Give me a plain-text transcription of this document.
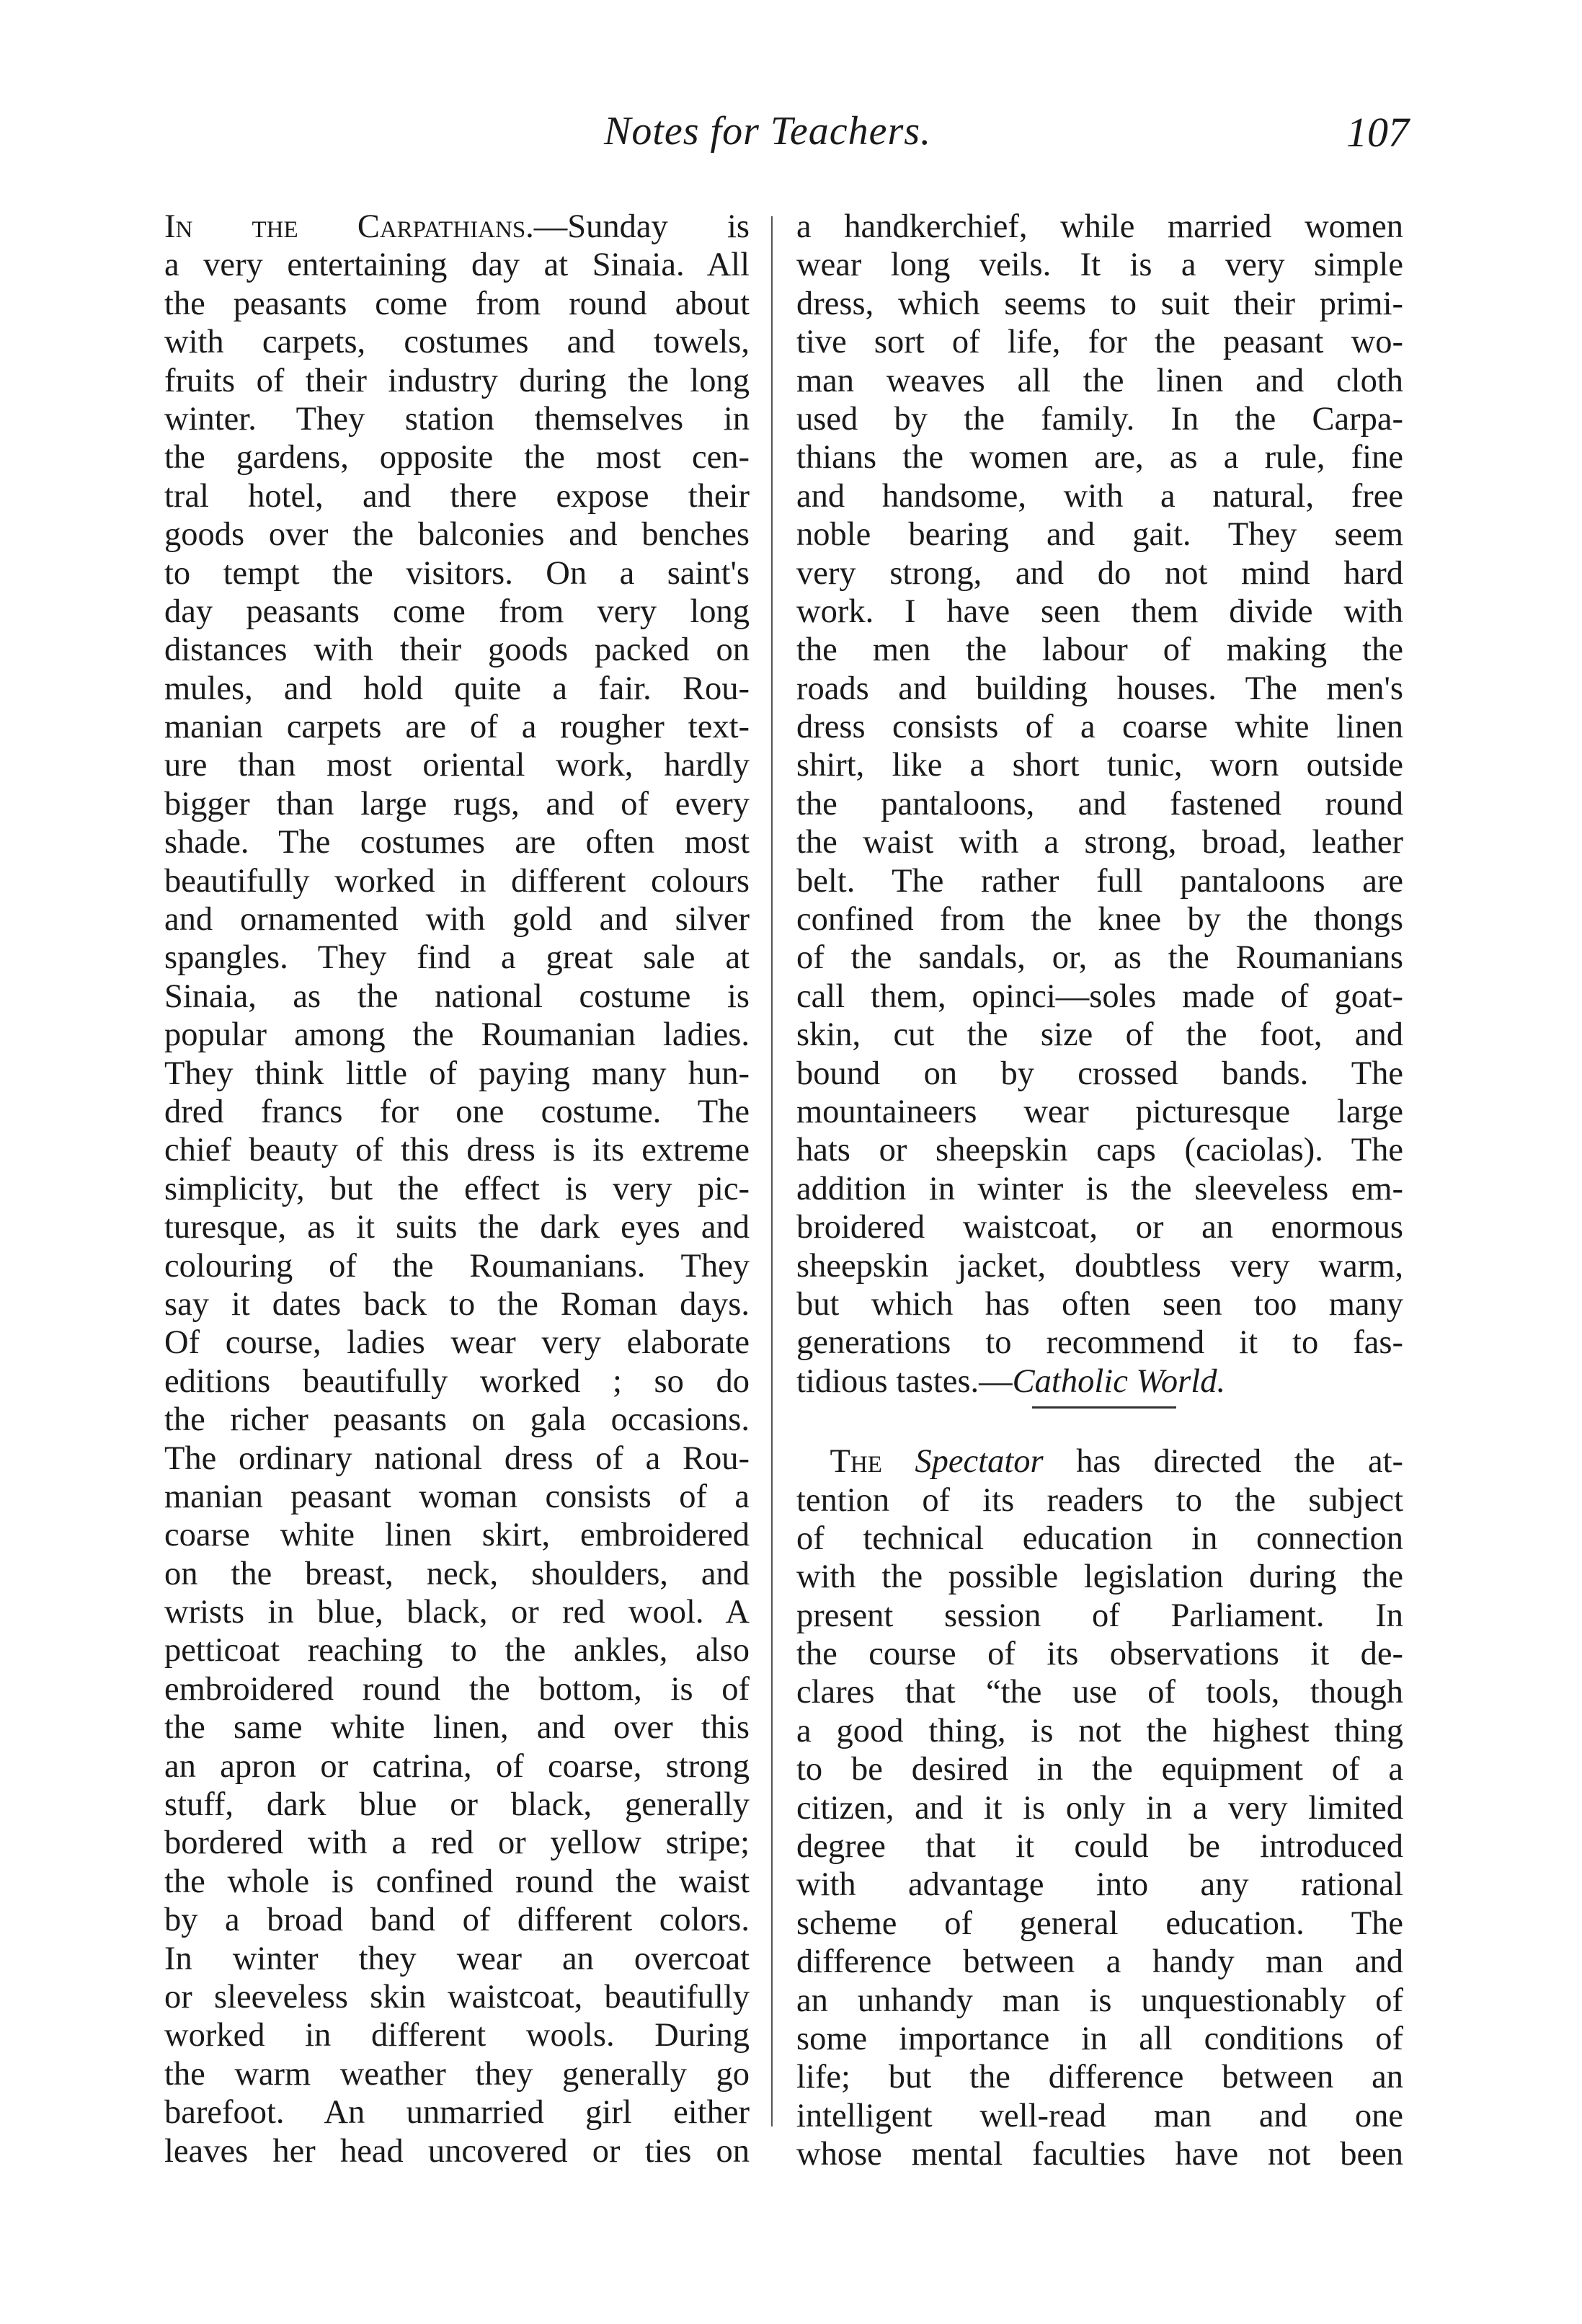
Notes for Teachers.	107
In the Carpathians.—Sunday is
a very entertaining day at Sinaia. All
the peasants come from round about
with carpets, costumes and towels,
fruits of their industry during the long
winter. They station themselves in
the gardens, opposite the most cen-
tral hotel, and there expose their
goods over the balconies and benches
to tempt the visitors. On a saint's
day peasants come from very long
distances with their goods packed on
mules, and hold quite a fair. Rou-
manian carpets are of a rougher text-
ure than most oriental work, hardly
bigger than large rugs, and of every
shade. The costumes are often most
beautifully worked in different colours
and ornamented with gold and silver
spangles. They find a great sale at
Sinaia, as the national costume is
popular among the Roumanian ladies.
They think little of paying many hun-
dred francs for one costume. The
chief beauty of this dress is its extreme
simplicity, but the effect is very pic-
turesque, as it suits the dark eyes and
colouring of the Roumanians. They
say it dates back to the Roman days.
Of course, ladies wear very elaborate
editions beautifully worked ; so do
the richer peasants on gala occasions.
The ordinary national dress of a Rou-
manian peasant woman consists of a
coarse white linen skirt, embroidered
on the breast, neck, shoulders, and
wrists in blue, black, or red wool. A
petticoat reaching to the ankles, also
embroidered round the bottom, is of
the same white linen, and over this
an apron or catrina, of coarse, strong
stuff, dark blue or black, generally
bordered with a red or yellow stripe;
the whole is confined round the waist
by a broad band of different colors.
In winter they wear an overcoat
or sleeveless skin waistcoat, beautifully
worked in different wools. During
the warm weather they generally go
barefoot. An unmarried girl either
leaves her head uncovered or ties on
a handkerchief, while married women
wear long veils. It is a very simple
dress, which seems to suit their primi-
tive sort of life, for the peasant wo-
man weaves all the linen and cloth
used by the family. In the Carpa-
thians the women are, as a rule, fine
and handsome, with a natural, free
noble bearing and gait. They seem
very strong, and do not mind hard
work. I have seen them divide with
the men the labour of making the
roads and building houses. The men's
dress consists of a coarse white linen
shirt, like a short tunic, worn outside
the pantaloons, and fastened round
the waist with a strong, broad, leather
belt. The rather full pantaloons are
confined from the knee by the thongs
of the sandals, or, as the Roumanians
call them, opinci—soles made of goat-
skin, cut the size of the foot, and
bound on by crossed bands. The
mountaineers wear picturesque large
hats or sheepskin caps (caciolas). The
addition in winter is the sleeveless em-
broidered waistcoat, or an enormous
sheepskin jacket, doubtless very warm,
but which has often seen too many
generations to recommend it to fas-
tidious tastes.—Catholic World.
 The Spectator has directed the at-
tention of its readers to the subject
of technical education in connection
with the possible legislation during the
present session of Parliament. In
the course of its observations it de-
clares that “the use of tools, though
a good thing, is not the highest thing
to be desired in the equipment of a
citizen, and it is only in a very limited
degree that it could be introduced
with advantage into any rational
scheme of general education. The
difference between a handy man and
an unhandy man is unquestionably of
some importance in all conditions of
life; but the difference between an
intelligent well-read man and one
whose mental faculties have not been
